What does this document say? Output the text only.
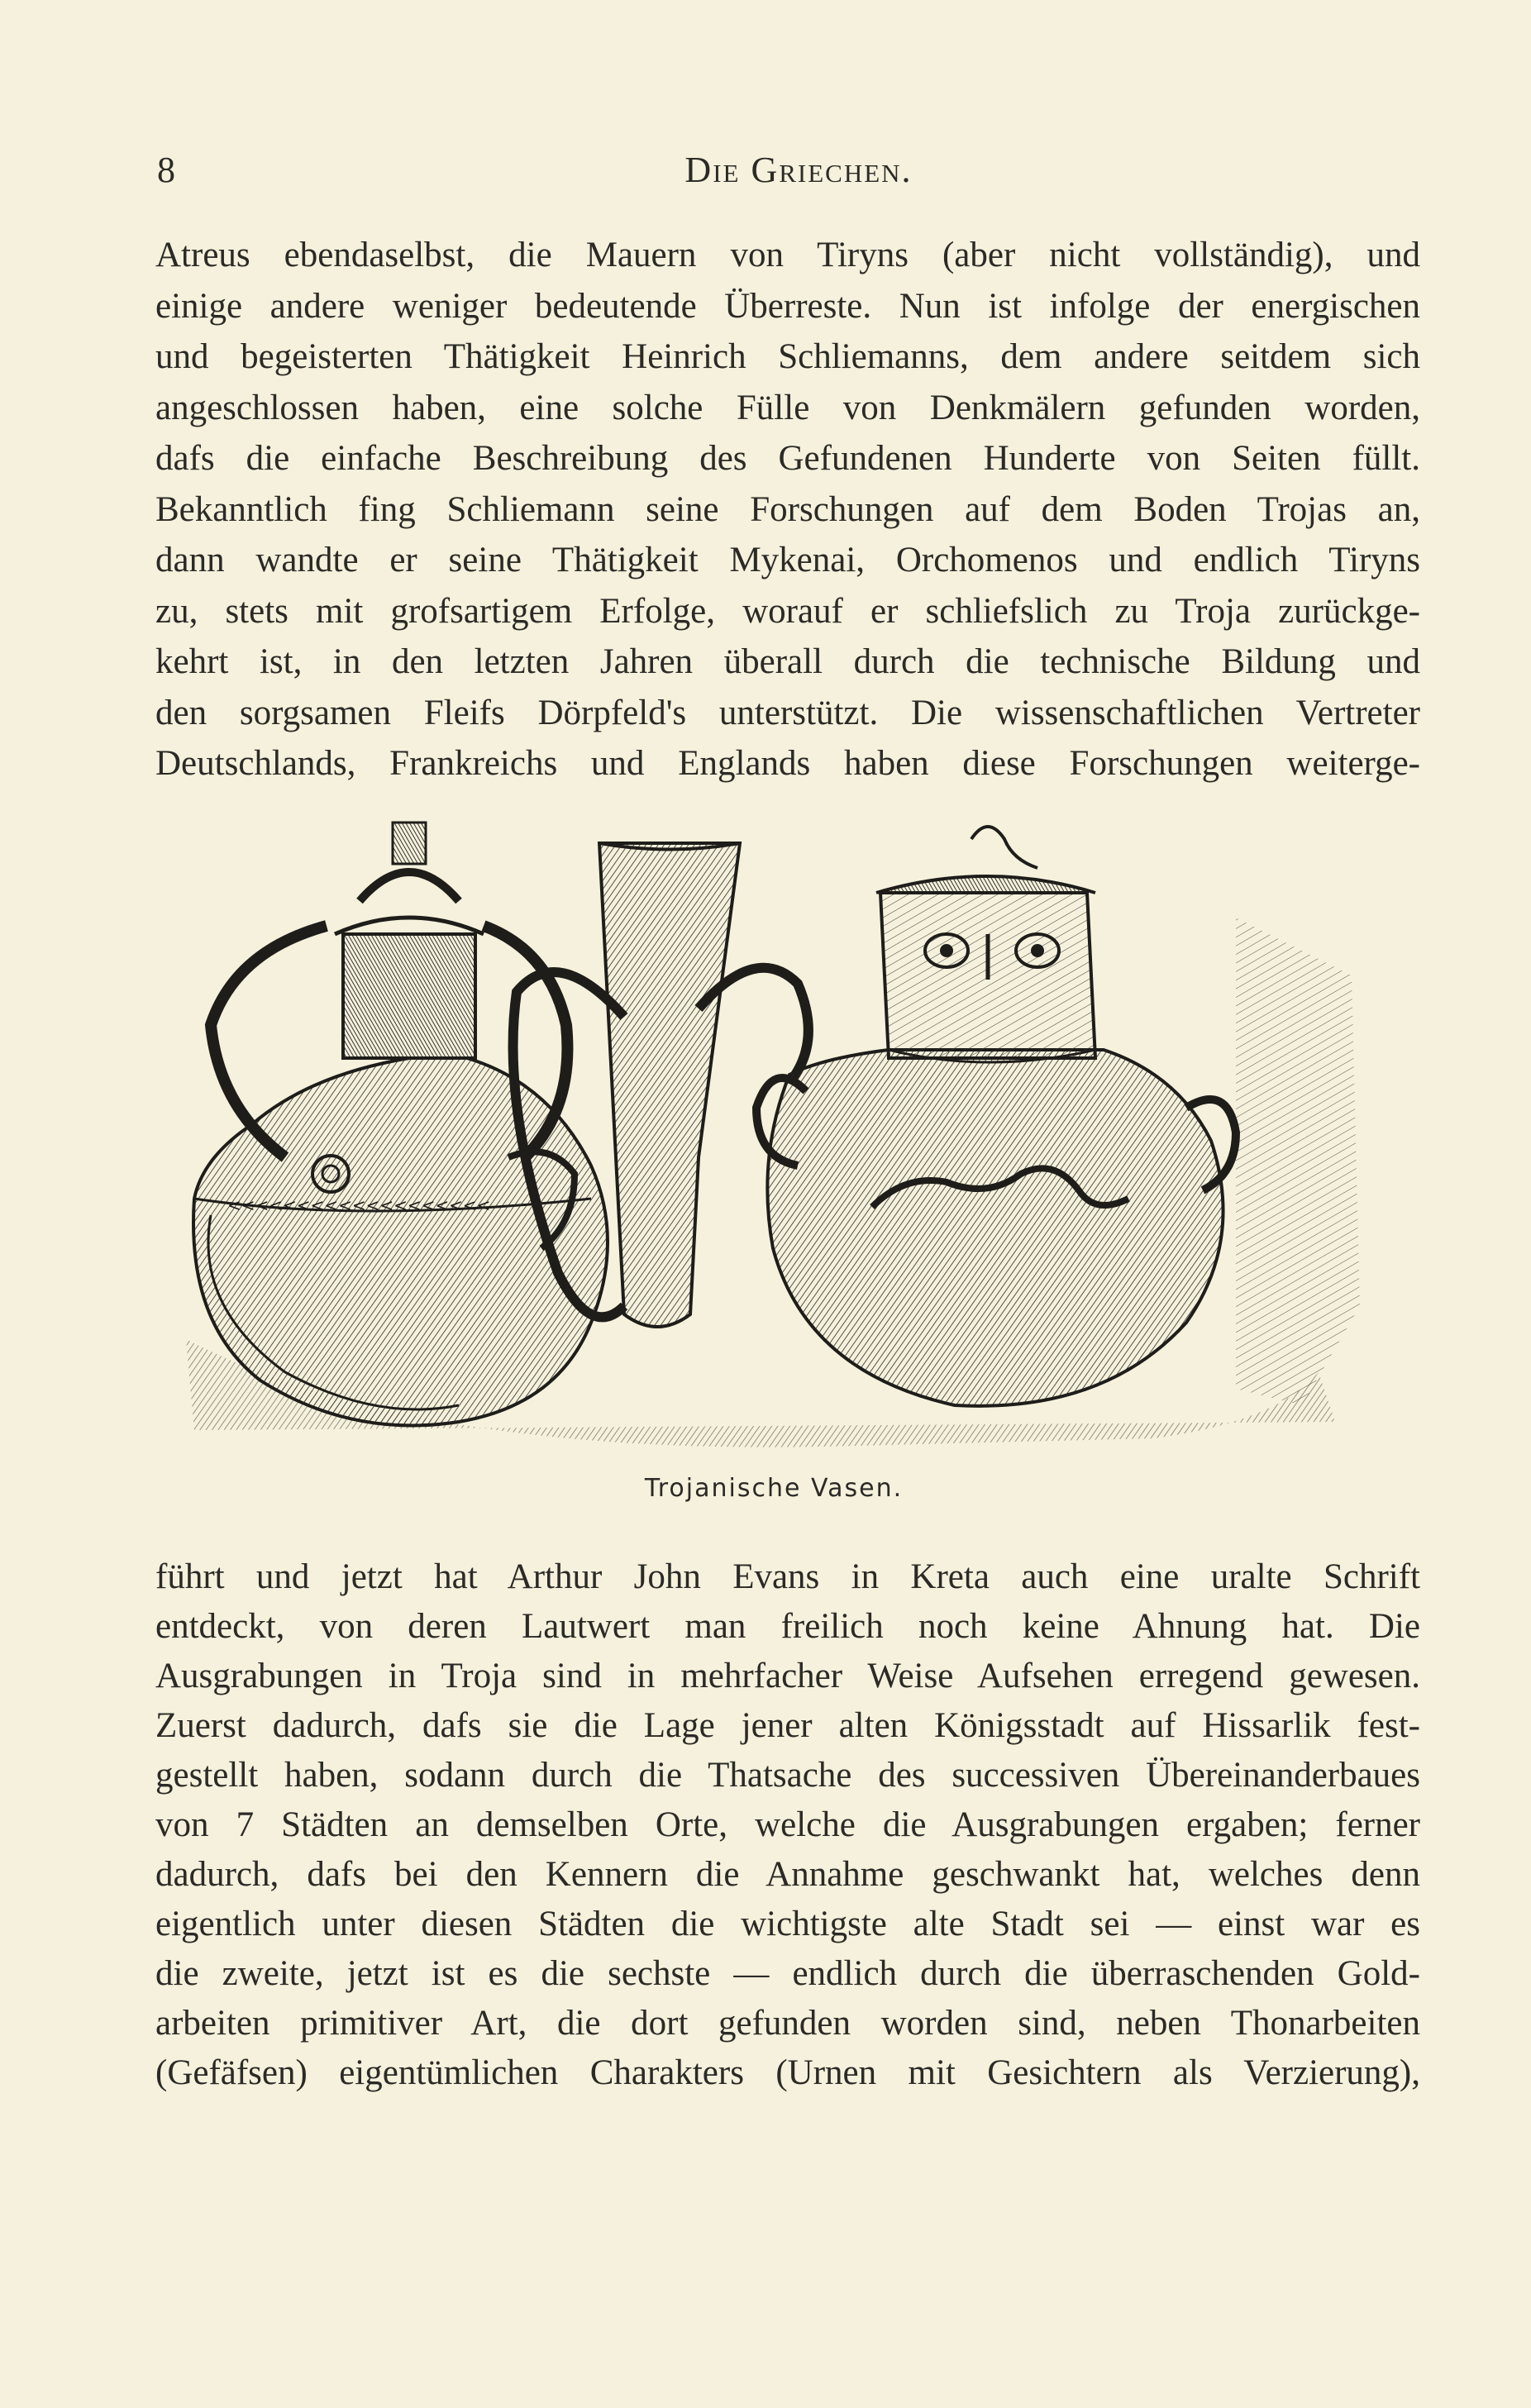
8	Die Griechen.
Atreus ebendaselbst, die Mauern von Tiryns (aber nicht vollständig), und
einige andere weniger bedeutende Überreste. Nun ist infolge der energischen
und begeisterten Thätigkeit Heinrich Schliemanns, dem andere seitdem sich
angeschlossen haben, eine solche Fülle von Denkmälern gefunden worden,
dafs die einfache Beschreibung des Gefundenen Hunderte von Seiten füllt.
Bekanntlich fing Schliemann seine Forschungen auf dem Boden Trojas an,
dann wandte er seine Thätigkeit Mykenai, Orchomenos und endlich Tiryns
zu, stets mit grofsartigem Erfolge, worauf er schliefslich zu Troja zurückge-
kehrt ist, in den letzten Jahren überall durch die technische Bildung und
den sorgsamen Fleifs Dörpfeld's unterstützt. Die wissenschaftlichen Vertreter
Deutschlands, Frankreichs und Englands haben diese Forschungen weiterge-
<<<<<<<<<<<<<<<<<<<
Trojanische Vasen.
führt und jetzt hat Arthur John Evans in Kreta auch eine uralte Schrift
entdeckt, von deren Lautwert man freilich noch keine Ahnung hat. Die
Ausgrabungen in Troja sind in mehrfacher Weise Aufsehen erregend gewesen.
Zuerst dadurch, dafs sie die Lage jener alten Königsstadt auf Hissarlik fest-
gestellt haben, sodann durch die Thatsache des successiven Übereinanderbaues
von 7 Städten an demselben Orte, welche die Ausgrabungen ergaben; ferner
dadurch, dafs bei den Kennern die Annahme geschwankt hat, welches denn
eigentlich unter diesen Städten die wichtigste alte Stadt sei — einst war es
die zweite, jetzt ist es die sechste — endlich durch die überraschenden Gold-
arbeiten primitiver Art, die dort gefunden worden sind, neben Thonarbeiten
(Gefäfsen) eigentümlichen Charakters (Urnen mit Gesichtern als Verzierung),
